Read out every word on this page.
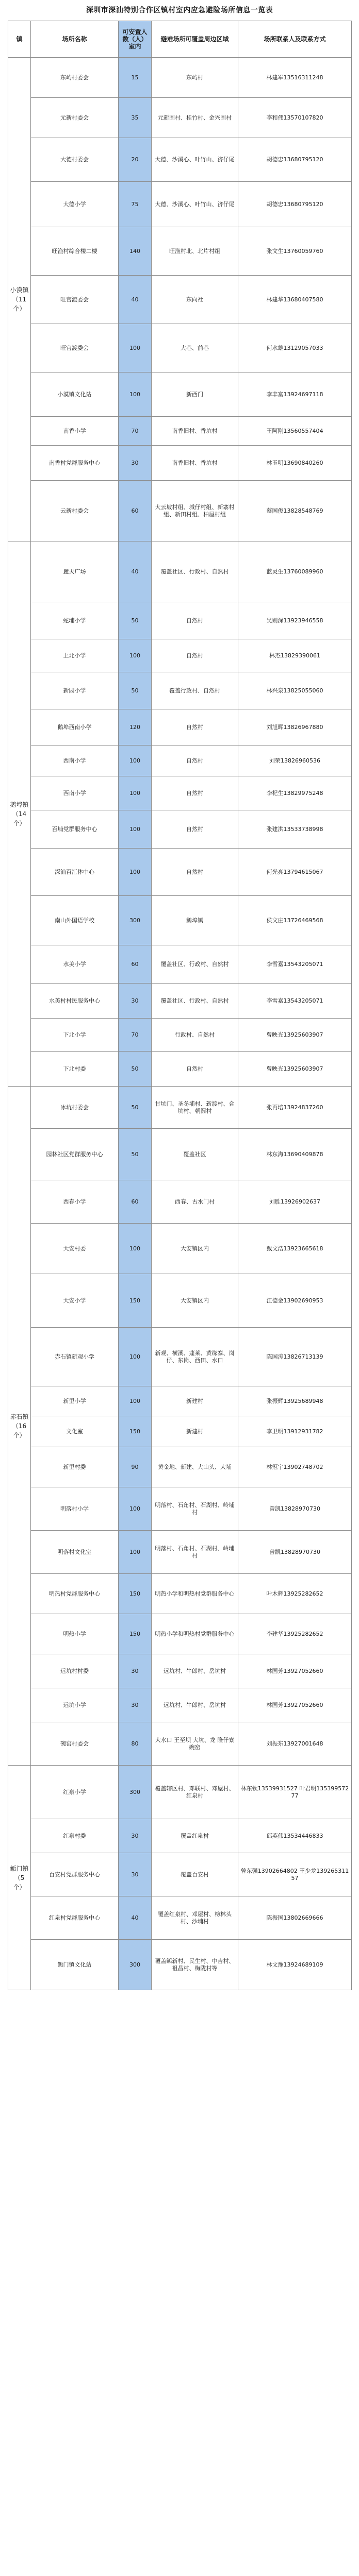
深圳市深汕特别合作区镇村室内应急避险场所信息一览表
镇	场所名称	可安置人数（人）室内	避难场所可覆盖周边区域	场所联系人及联系方式
小漠镇（11个）	东屿村委会	15	东屿村	林建军13516311248
	元新村委会	35	元新围村、桂竹村、金兴围村	李和伟13570107820
	大德村委会	20	大德、沙溪心、叶竹山、济仔尾	胡德忠13680795120
	大德小学	75	大德、沙溪心、叶竹山、济仔尾	胡德忠13680795120
	旺渔村综合楼二楼	140	旺渔村北、北片村组	张文生13760059760
	旺官渡委会	40	东向社	林建华13680407580
	旺官渡委会	100	大巷、前巷	何水雄13129057033
	小漠镇文化站	100	新西门	李丰富13924697118
	南香小学	70	南香旧村、香坑村	王阿刚13560557404
	南香村党群服务中心	30	南香旧村、香坑村	林玉明13690840260
	云新村委会	60	大云坡村组、城仔村组、新寨村组、新田村组、柏屋村组	蔡国俊13828548769
鹅埠镇（14个）	麗天广场	40	覆盖社区、行政村、自然村	蓝灵生13760089960
	蛇埔小学	50	自然村	吴则深13923946558
	上北小学	100	自然村	林杰13829390061
	新园小学	50	覆盖行政村、自然村	林兴泉13825055060
	鹅埠西南小学	120	自然村	刘旭晖13826967880
	西南小学	100	自然村	刘荣13826960536
	西南小学	100	自然村	李杞生13829975248
	百埔党群服务中心	100	自然村	张建洪13533738998
	深汕百汇体中心	100	自然村	何光亮13794615067
	南山外国语学校	300	鹅埠镇	侯文庄13726469568
	水美小学	60	覆盖社区、行政村、自然村	李雪嘉13543205071
	水美村村民服务中心	30	覆盖社区、行政村、自然村	李雪嘉13543205071
	下北小学	70	行政村、自然村	曾映光13925603907
	下北村委	50	自然村	曾映光13925603907
赤石镇（16个）	冰坑村委会	50	甘坑门、圣冬埔村、新渡村、合坑村、朝圆村	张再培13924837260
	园林社区党群服务中心	50	覆盖社区	林东海13690409878
	西春小学	60	西春、古水门村	刘胜13926902637
	大安村委	100	大安镇区内	戴文浩13923665618
	大安小学	150	大安镇区内	江德金13902690953
	赤石镇新观小学	100	新观、横溪、蓬莱、黄缘寨、岗仔、东岗、西田、水口	陈国涛13826713139
	新里小学	100	新建村	张振辉13925689948
	文化室	150	新建村	李卫明13912931782
	新里村委	90	黄金地、新建、大山头、大埔	林冠宇13902748702
	明落村小学	100	明落村、石角村、石湖村、岭埔村	曾凯13828970730
	明落村文化室	100	明落村、石角村、石湖村、岭埔村	曾凯13828970730
	明热村党群服务中心	150	明热小学和明热村党群服务中心	叶木辉13925282652
	明热小学	150	明热小学和明热村党群服务中心	李建华13925282652
	远坑村村委	30	远坑村、牛郎村、岳坑村	林国芳13927052660
	远坑小学	30	远坑村、牛郎村、岳坑村	林国芳13927052660
	碗窑村委会	80	大水口 王至坝 大坑、龙 隆仔寮 碗窑	刘振东13927001648
鲘门镇（5个）	红泉小学	300	覆盖辖区村、邓联村、邓屋村、红泉村	林东钦13539931527 叶君明13539957277
	红泉村委	30	覆盖红泉村	邱英伟13534446833
	百安村党群服务中心	30	覆盖百安村	曾东强13902664802 王少龙13926531157
	红泉村党群服务中心	40	覆盖红泉村、邓屋村、榜林头村、沙埔村	陈振国13802669666
	鲘门镇文化站	300	覆盖鲘新村、民生村、中吉村、祖昌村、梅陇村等	林文豫13924689109
